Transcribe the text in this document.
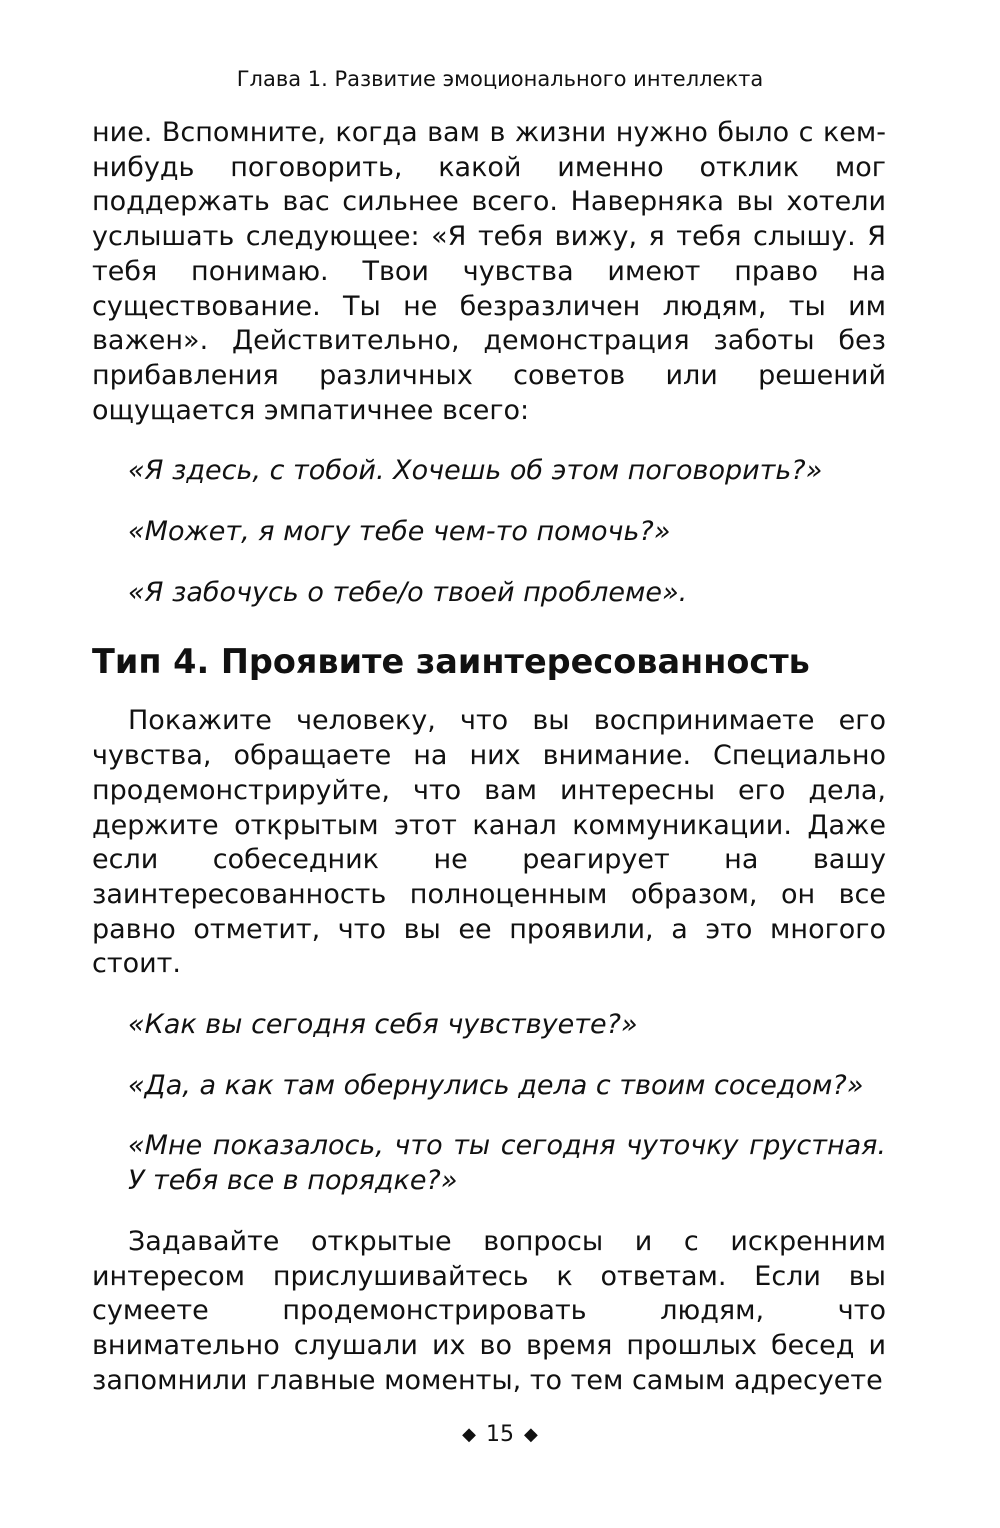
Глава 1. Развитие эмоционального интеллекта

ние. Вспомните, когда вам в жизни нужно было с кем-нибудь поговорить, какой именно отклик мог поддержать вас сильнее всего. Наверняка вы хотели услышать следующее: «Я тебя вижу, я тебя слышу. Я тебя понимаю. Твои чувства имеют право на существование. Ты не безразличен людям, ты им важен». Действительно, демонстрация заботы без прибавления различных советов или решений ощущается эмпатичнее всего:

«Я здесь, с тобой. Хочешь об этом поговорить?»

«Может, я могу тебе чем-то помочь?»

«Я забочусь о тебе/о твоей проблеме».

Тип 4. Проявите заинтересованность

Покажите человеку, что вы воспринимаете его чувства, обращаете на них внимание. Специально продемонстрируйте, что вам интересны его дела, держите открытым этот канал коммуникации. Даже если собеседник не реагирует на вашу заинтересованность полноценным образом, он все равно отметит, что вы ее проявили, а это многого стоит.

«Как вы сегодня себя чувствуете?»

«Да, а как там обернулись дела с твоим соседом?»

«Мне показалось, что ты сегодня чуточку грустная. У тебя все в порядке?»

Задавайте открытые вопросы и с искренним интересом прислушивайтесь к ответам. Если вы сумеете продемонстрировать людям, что внимательно слушали их во время прошлых бесед и запомнили главные моменты, то тем самым адресуете

◆ 15 ◆
